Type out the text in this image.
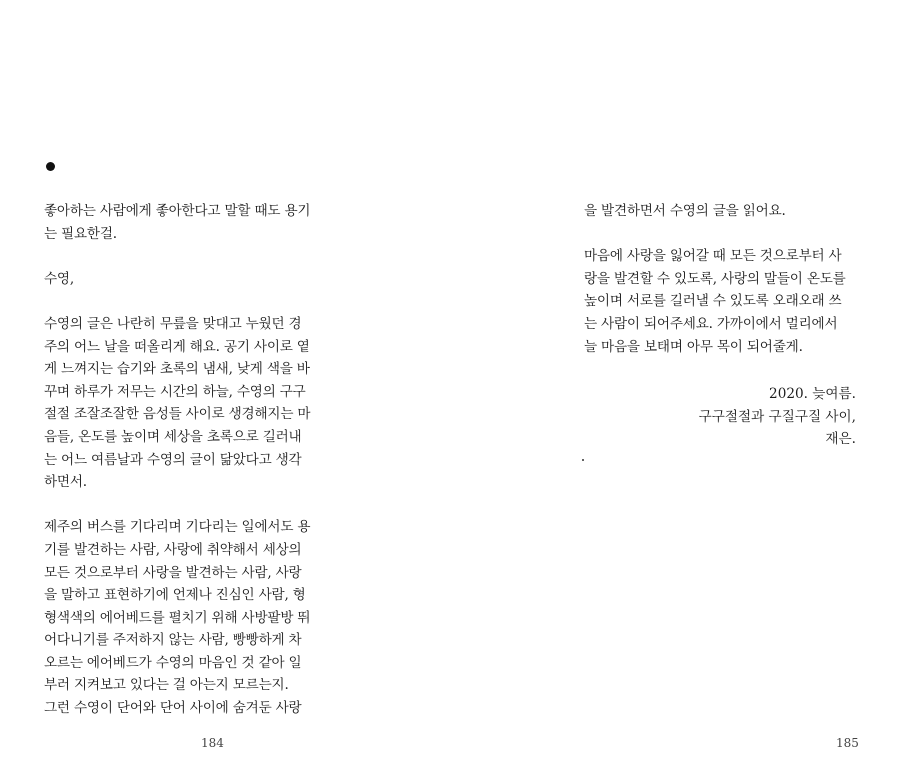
좋아하는 사람에게 좋아한다고 말할 때도 용기

는 필요한걸.

수영,

수영의 글은 나란히 무릎을 맞대고 누웠던 경

주의 어느 날을 떠올리게 해요. 공기 사이로 옅

게 느껴지는 습기와 초록의 냄새, 낮게 색을 바

꾸며 하루가 저무는 시간의 하늘, 수영의 구구

절절 조잘조잘한 음성들 사이로 생경해지는 마

음들, 온도를 높이며 세상을 초록으로 길러내

는 어느 여름날과 수영의 글이 닮았다고 생각

하면서.

제주의 버스를 기다리며 기다리는 일에서도 용

기를 발견하는 사람, 사랑에 취약해서 세상의

모든 것으로부터 사랑을 발견하는 사람, 사랑

을 말하고 표현하기에 언제나 진심인 사람, 형

형색색의 에어베드를 펼치기 위해 사방팔방 뛰

어다니기를 주저하지 않는 사람, 빵빵하게 차

오르는 에어베드가 수영의 마음인 것 같아 일

부러 지켜보고 있다는 걸 아는지 모르는지.

그런 수영이 단어와 단어 사이에 숨겨둔 사랑

184

을 발견하면서 수영의 글을 읽어요.

마음에 사랑을 잃어갈 때 모든 것으로부터 사

랑을 발견할 수 있도록, 사랑의 말들이 온도를

높이며 서로를 길러낼 수 있도록 오래오래 쓰

는 사람이 되어주세요. 가까이에서 멀리에서

늘 마음을 보태며 아무 목이 되어줄게.

2020. 늦여름.

구구절절과 구질구질 사이,

재은.

185
